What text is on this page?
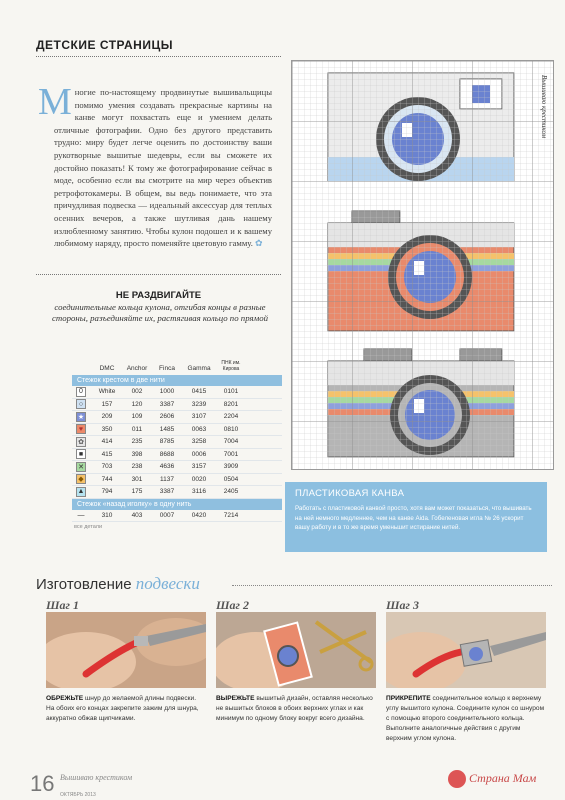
ДЕТСКИЕ СТРАНИЦЫ
Многие по-настоящему продвинутые вышивальщицы помимо умения создавать прекрасные картины на канве могут похвастать еще и умением делать отличные фотографии. Одно без другого представить трудно: миру будет легче оценить по достоинству ваши рукотворные вышитые шедевры, если вы сможете их достойно показать! К тому же фотографирование сейчас в моде, особенно если вы смотрите на мир через объектив ретрофотокамеры. В общем, вы ведь понимаете, что эта причудливая подвеска — идеальный аксессуар для теплых осенних вечеров, а также шутливая дань нашему излюбленному занятию. Чтобы кулон подошел и к вашему любимому наряду, просто поменяйте цветовую гамму. ✿
НЕ РАЗДВИГАЙТЕ
соединительные кольца кулона, отгибая концы в разные стороны, разъединяйте их, растягивая кольцо по прямой
DMC	Anchor	Finca	Gamma
ПНК им. Кирова
Стежок крестом в две нити
0	White	002	1000	0415	0101
○	157	120	3387	3239	8201
★	209	109	2606	3107	2204
♥	350	011	1485	0063	0810
✿	414	235	8785	3258	7004
■	415	398	8688	0006	7001
✕	703	238	4636	3157	3909
◆	744	301	1137	0020	0504
▲	794	175	3387	3116	2405
Стежок «назад иголку» в одну нить
—	310	403	0007	0420	7214
все детали
Вышиваю крестиком
ПЛАСТИКОВАЯ КАНВА
Работать с пластиковой канвой просто, хотя вам может показаться, что вышивать на ней немного медленнее, чем на канве Aida. Гобеленовая игла № 26 ускорит вашу работу и в то же время уменьшит истирание нитей.
Изготовление подвески
Шаг 1
ОБРЕЖЬТЕ шнур до желаемой длины подвески. На обоих его концах закрепите зажим для шнура, аккуратно обжав щипчиками.
Шаг 2
ВЫРЕЖЬТЕ вышитый дизайн, оставляя несколько не вышитых блоков в обоих верхних углах и как минимум по одному блоку вокруг всего дизайна.
Шаг 3
ПРИКРЕПИТЕ соединительное кольцо к верхнему углу вышитого кулона. Соедините кулон со шнуром с помощью второго соединительного кольца. Выполните аналогичные действия с другим верхним углом кулона.
16 Вышиваю крестиком
ОКТЯБРЬ 2013
Страна Мам
